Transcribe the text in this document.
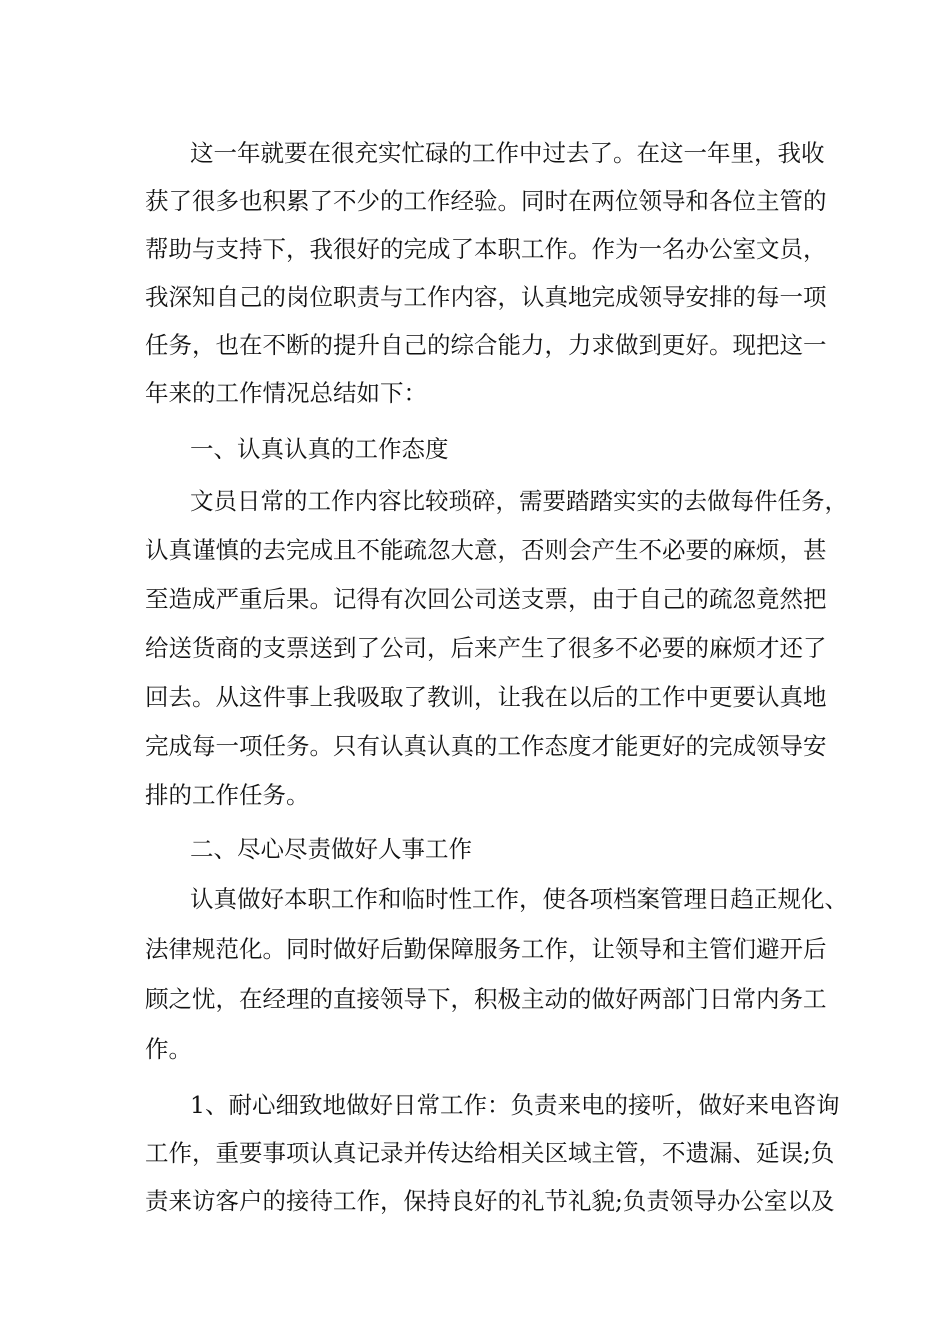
这一年就要在很充实忙碌的工作中过去了。在这一年里，我收
获了很多也积累了不少的工作经验。同时在两位领导和各位主管的
帮助与支持下，我很好的完成了本职工作。作为一名办公室文员，
我深知自己的岗位职责与工作内容，认真地完成领导安排的每一项
任务，也在不断的提升自己的综合能力，力求做到更好。现把这一
年来的工作情况总结如下：
一、认真认真的工作态度
文员日常的工作内容比较琐碎，需要踏踏实实的去做每件任务，
认真谨慎的去完成且不能疏忽大意，否则会产生不必要的麻烦，甚
至造成严重后果。记得有次回公司送支票，由于自己的疏忽竟然把
给送货商的支票送到了公司，后来产生了很多不必要的麻烦才还了
回去。从这件事上我吸取了教训，让我在以后的工作中更要认真地
完成每一项任务。只有认真认真的工作态度才能更好的完成领导安
排的工作任务。
二、尽心尽责做好人事工作
认真做好本职工作和临时性工作，使各项档案管理日趋正规化、
法律规范化。同时做好后勤保障服务工作，让领导和主管们避开后
顾之忧，在经理的直接领导下，积极主动的做好两部门日常内务工
作。
1、耐心细致地做好日常工作：负责来电的接听，做好来电咨询
工作，重要事项认真记录并传达给相关区域主管，不遗漏、延误;负
责来访客户的接待工作，保持良好的礼节礼貌;负责领导办公室以及
